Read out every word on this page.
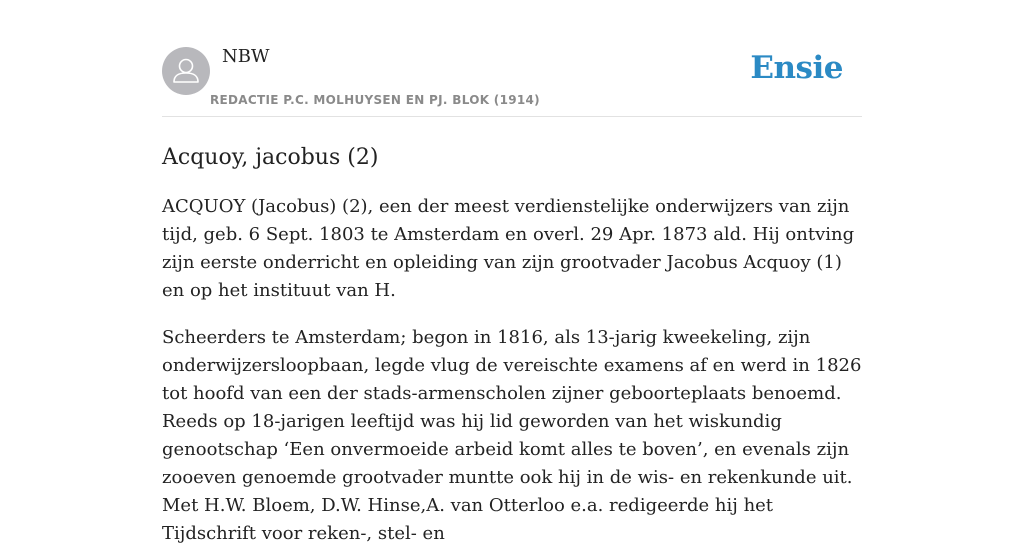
NBW
REDACTIE P.C. MOLHUYSEN EN PJ. BLOK (1914)
Ensie
Acquoy, jacobus (2)

ACQUOY (Jacobus) (2), een der meest verdienstelijke onderwijzers van zijn tijd, geb. 6 Sept. 1803 te Amsterdam en overl. 29 Apr. 1873 ald. Hij ontving zijn eerste onderricht en opleiding van zijn grootvader Jacobus Acquoy (1) en op het instituut van H.

Scheerders te Amsterdam; begon in 1816, als 13-jarig kweekeling, zijn onderwijzersloopbaan, legde vlug de vereischte examens af en werd in 1826 tot hoofd van een der stads-armenscholen zijner geboorteplaats benoemd. Reeds op 18-jarigen leeftijd was hij lid geworden van het wiskundig genootschap ‘Een onvermoeide arbeid komt alles te boven’, en evenals zijn zooeven genoemde grootvader muntte ook hij in de wis- en rekenkunde uit. Met H.W. Bloem, D.W. Hinse,A. van Otterloo e.a. redigeerde hij het Tijdschrift voor reken-, stel- en
